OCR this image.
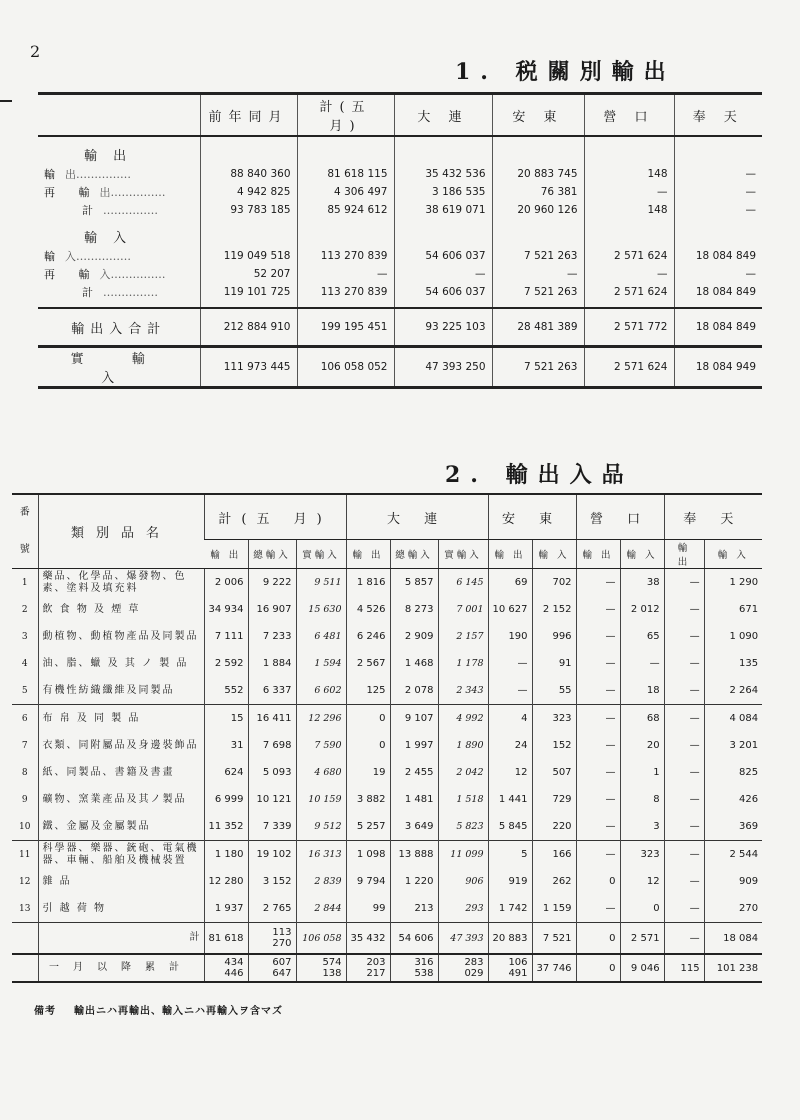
2
1. 税關別輸出
	前年同月	計(五 月)	大 連	安 東	營 口	奉 天

輸 出						
輸出……………	88 840 360	81 618 115	35 432 536	20 883 745	148	—
再 輸出……………	4 942 825	4 306 497	3 186 535	76 381	—	—
計……………	93 783 185	85 924 612	38 619 071	20 960 126	148	—

輸 入						
輸入……………	119 049 518	113 270 839	54 606 037	7 521 263	2 571 624	18 084 849
再 輸入……………	52 207	—	—	—	—	—
計……………	119 101 725	113 270 839	54 606 037	7 521 263	2 571 624	18 084 849

輸出入合計	212 884 910	199 195 451	93 225 103	28 481 389	2 571 772	18 084 849
實 輸 入	111 973 445	106 058 052	47 393 250	7 521 263	2 571 624	18 084 949
2. 輸出入品
番

號	類別品名	計(五 月)			大 連			安 東		營 口		奉 天	
		輸 出	總輸入	實輸入	輸 出	總輸入	實輸入	輸 出	輸 入	輸 出	輸 入	輸 出	輸 入
1	藥品、化學品、爆發物、色素、塗料及填充料	2 006	9 222	9 511	1 816	5 857	6 145	69	702	—	38	—	1 290
2	飲 食 物 及 煙 草	34 934	16 907	15 630	4 526	8 273	7 001	10 627	2 152	—	2 012	—	671
3	動植物、動植物產品及同製品	7 111	7 233	6 481	6 246	2 909	2 157	190	996	—	65	—	1 090
4	油、脂、蠟 及 其 ノ 製 品	2 592	1 884	1 594	2 567	1 468	1 178	—	91	—	—	—	135
5	有機性紡織纖維及同製品	552	6 337	6 602	125	2 078	2 343	—	55	—	18	—	2 264
6	布 帛 及 同 製 品	15	16 411	12 296	0	9 107	4 992	4	323	—	68	—	4 084
7	衣類、同附屬品及身邊裝飾品	31	7 698	7 590	0	1 997	1 890	24	152	—	20	—	3 201
8	紙、同製品、書籍及書畫	624	5 093	4 680	19	2 455	2 042	12	507	—	1	—	825
9	礦物、窯業產品及其ノ製品	6 999	10 121	10 159	3 882	1 481	1 518	1 441	729	—	8	—	426
10	鐵、金屬及金屬製品	11 352	7 339	9 512	5 257	3 649	5 823	5 845	220	—	3	—	369
11	科學器、樂器、銃砲、電氣機器、車輛、船舶及機械裝置	1 180	19 102	16 313	1 098	13 888	11 099	5	166	—	323	—	2 544
12	雜 品	12 280	3 152	2 839	9 794	1 220	906	919	262	0	12	—	909
13	引 越 荷 物	1 937	2 765	2 844	99	213	293	1 742	1 159	—	0	—	270
	計	81 618	113 270	106 058	35 432	54 606	47 393	20 883	7 521	0	2 571	—	18 084
	一月以降累計	434 446	607 647	574 138	203 217	316 538	283 029	106 491	37 746	0	9 046	115	101 238
備考 輸出ニハ再輸出、輸入ニハ再輸入ヲ含マズ
